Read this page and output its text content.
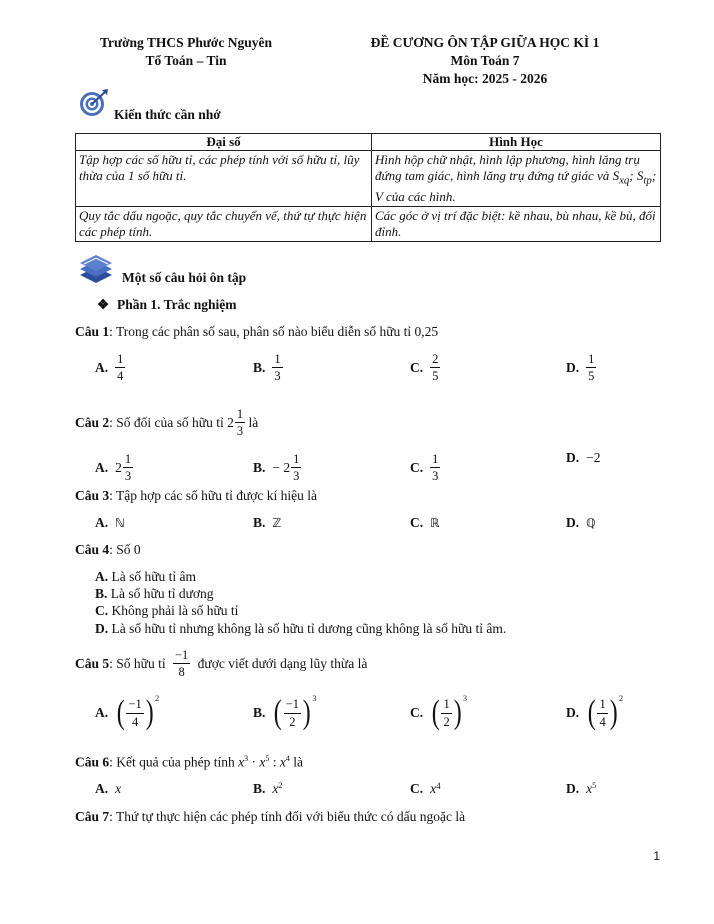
Trường THCS Phước Nguyên
Tổ Toán – Tin
ĐỀ CƯƠNG ÔN TẬP GIỮA HỌC KÌ 1
Môn Toán 7
Năm học: 2025 - 2026
Kiến thức cần nhớ
Đại số	Hình Học
Tập hợp các số hữu tỉ, các phép tính với số hữu tỉ, lũy thừa của 1 số hữu tỉ.	Hình hộp chữ nhật, hình lập phương, hình lăng trụ đứng tam giác, hình lăng trụ đứng tứ giác và $S_{xq}$; $S_{tp}$; V của các hình.
Quy tắc dấu ngoặc, quy tắc chuyển vế, thứ tự thực hiện các phép tính.	Các góc ở vị trí đặc biệt: kề nhau, bù nhau, kề bù, đối đỉnh.
Một số câu hỏi ôn tập
❖ Phần 1. Trắc nghiệm
Câu 1: Trong các phân số sau, phân số nào biểu diễn số hữu tỉ 0,25
A. $\frac{1}{4}$	B. $\frac{1}{3}$	C. $\frac{2}{5}$	D. $\frac{1}{5}$
Câu 2 : Số đối của số hữu tỉ $2 \frac{1}{3}$ là
A. $2 \frac{1}{3}$	B. − $2 \frac{1}{3}$	C. $\frac{1}{3}$	D. −2
Câu 3: Tập hợp các số hữu tỉ được kí hiệu là
A. ℕ	B. ℤ	C. ℝ	D. ℚ
Câu 4: Số 0
A. Là số hữu tỉ âm
B. Là số hữu tỉ dương
C. Không phải là số hữu tỉ
D. Là số hữu tỉ nhưng không là số hữu tỉ dương cũng không là số hữu tỉ âm.
Câu 5 : Số hữu tỉ $\frac{-1}{8}$ được viết dưới dạng lũy thừa là
A. ( $\frac{-1}{4} )^2$
B. ( $\frac{-1}{2} )^3$
C. ( $\frac{1}{2} )^3$
D. ( $\frac{1}{4} )^2$
Câu 6: Kết quả của phép tính $x^3 \cdot x^5$ : $x^4$ là
A. x	B. $x^2$	C. $x^4$	D. $x^5$
Câu 7: Thứ tự thực hiện các phép tính đối với biểu thức có dấu ngoặc là
1
